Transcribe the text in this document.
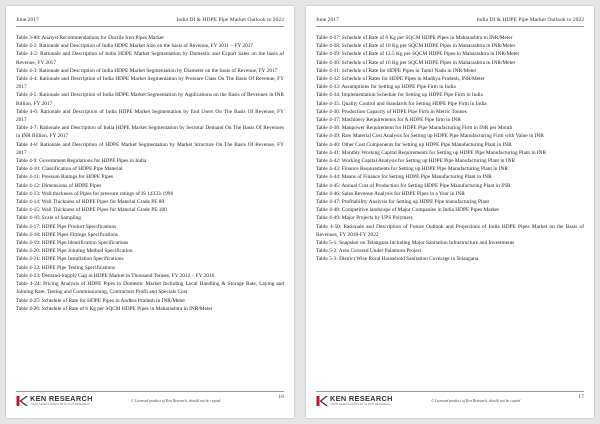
June 2017	India DI & HDPE Pipe Market Outlook to 2022

Table 3-88: Analyst Recommendations for Ductile Iron Pipes Market

Table 4-1: Rationale and Description of India HDPE Market Size on the basis of Revenue, FY 2011 – FY 2017

Table 4-2: Rationale and Description of India HDPE Market Segmentation by Domestic and Export Sales on the basis of Revenue, FY 2017

Table 4-3: Rationale and Description of India HDPE Market Segmentation by Diameter on the basis of Revenue, FY 2017

Table 4-4: Rationale and Description of India HDPE Market Segmentation by Pressure Class On The Basis Of Revenue, FY 2017

Table 4-5: Rationale and Description of India HDPE Market Segmentation by Applications on the Basis of Revenues in INR Billion, FY 2017

Table 4-6: Rationale and Description of India HDPE Market Segmentation by End Users On The Basis Of Revenue, FY 2017

Table 4-7: Rationale and Description of India HDPE Market Segmentation by Sectoral Demand On The Basis Of Revenues in INR Billion, FY 2017

Table 4-8: Rationale and Description of HDPE Market Segmentation by Market Structure On The Basis Of Revenue, FY 2017

Table 4-9: Government Regulations for HDPE Pipes in India

Table 4-10: Classification of HDPE Pipe Material

Table 4-11: Pressure Ratings for HDPE Pipes

Table 4-12: Dimensions of HDPE Pipes

Table 4-13: Wall thickness of Pipes for pressure ratings of IS 14333-1996

Table 4-14: Wall Thickness of HDPE Pipes for Material Grade PE 80

Table 4-15: Wall Thickness of HDPE Pipes for Material Grade PE 100

Table 4-16: Scale of Sampling

Table 4-17: HDPE Pipe Product Specifications

Table 4-18: HDPE Pipes Fittings Specifications

Table 4-19: HDPE Pipe Identification Specifications

Table 4-20: HDPE Pipe Jointing Method Specification

Table 4-21: HDPE Pipe Installation Specifications

Table 4-22: HDPE Pipe Testing Specifications

Table 4-23: Demand-Supply Gap in HDPE Market in Thousand Tonnes, FY 2012 – FY 2016

Table 4-24: Pricing Analysis of HDPE Pipes in Domestic Market Including Local Handling & Storage Rate, Laying and Jointing Rate, Testing and Commissioning, Contractors Profit and Specials Cost

Table 4-25: Schedule of Rate for HDPE Pipes in Andhra Pradesh in INR/Meter

Table 4-26: Schedule of Rate of 6 Kg per SQCM HDPE Pipes in Maharashtra in INR/Meter

KEN RESEARCH
YOUR SEARCH ENDS WITH OUR RESEARCH
© Licensed product of Ken Research, should not be copied
16
June 2017	India DI & HDPE Pipe Market Outlook to 2022

Table 4-27: Schedule of Rate of 8 Kg per SQCM HDPE Pipes in Maharashtra in INR/Meter

Table 4-28: Schedule of Rate of 10 Kg per SQCM HDPE Pipes in Maharashtra in INR/Meter

Table 4-29: Schedule of Rate of 12.5 Kg per SQCM HDPE Pipes in Maharashtra in INR/Meter

Table 4-30: Schedule of Rate of 16 Kg per SQCM HDPE Pipes in Maharashtra in INR/Meter

Table 4-31: Schedule of Rate for HDPE Pipes in Tamil Nadu in INR/Meter

Table 4-32: Schedule of Rates for HDPE Pipes in Madhya Pradesh, INR/Meter

Table 4-33: Assumptions for Setting up HDPE Pipe Firm in India

Table 4-34: Implementation Schedule for Setting up HDPE Pipe Firm in India

Table 4-35: Quality Control and Standards for Setting HDPE Pipe Firm in India

Table 4-36: Production Capacity of HDPE Pipe Firm in Metric Tonnes

Table 4-37: Machinery Requirements for A HDPE Pipe firm in INR

Table 4-38: Manpower Requirement for HDPE Pipe Manufacturing Firm in INR per Month

Table 4-39: Raw Material Cost Analysis for Setting up HDPE Pipe Manufacturing Firm with Value in INR

Table 4-40: Other Cost Components for Setting up HDPE Pipe Manufacturing Plant in INR

Table 4-41: Monthly Working Capital Requirements for Setting up HDPE Pipe Manufacturing Plant in INR

Table 4-42: Working Capital Analysis for Setting up HDPE Pipe Manufacturing Plant in INR

Table 4-43: Finance Requirements for Setting up HDPE Pipe Manufacturing Plant in INR

Table 4-44: Means of Finance for Setting HDPE Pipe Manufacturing Plant in INR

Table 4-45: Annual Cost of Production for Setting HDPE Pipe Manufacturing Plant in INR

Table 4-46: Sales Revenue Analysis for HDPE Pipes in a Year in INR

Table 4-47: Profitability Analysis for Setting up HDPE Pipe manufacturing Plant

Table 4-48: Competitive landscape of Major Companies in India HDPE Pipes Market

Table 4-49: Major Projects by UPS Polymers

Table 4-50: Rationale and Description of Future Outlook and Projections of India HDPE Pipes Market on the Basis of Revenues, FY 2018-FY 2022

Table 5-1: Snapshot on Telangana Including Major Sanitation Infrastructure and Investments

Table 5-2: Area Covered Under Palamuru Project

Table 5-3: District Wise Rural Household Sanitation Coverage in Telangana

KEN RESEARCH
YOUR SEARCH ENDS WITH OUR RESEARCH
© Licensed product of Ken Research, should not be copied
17
